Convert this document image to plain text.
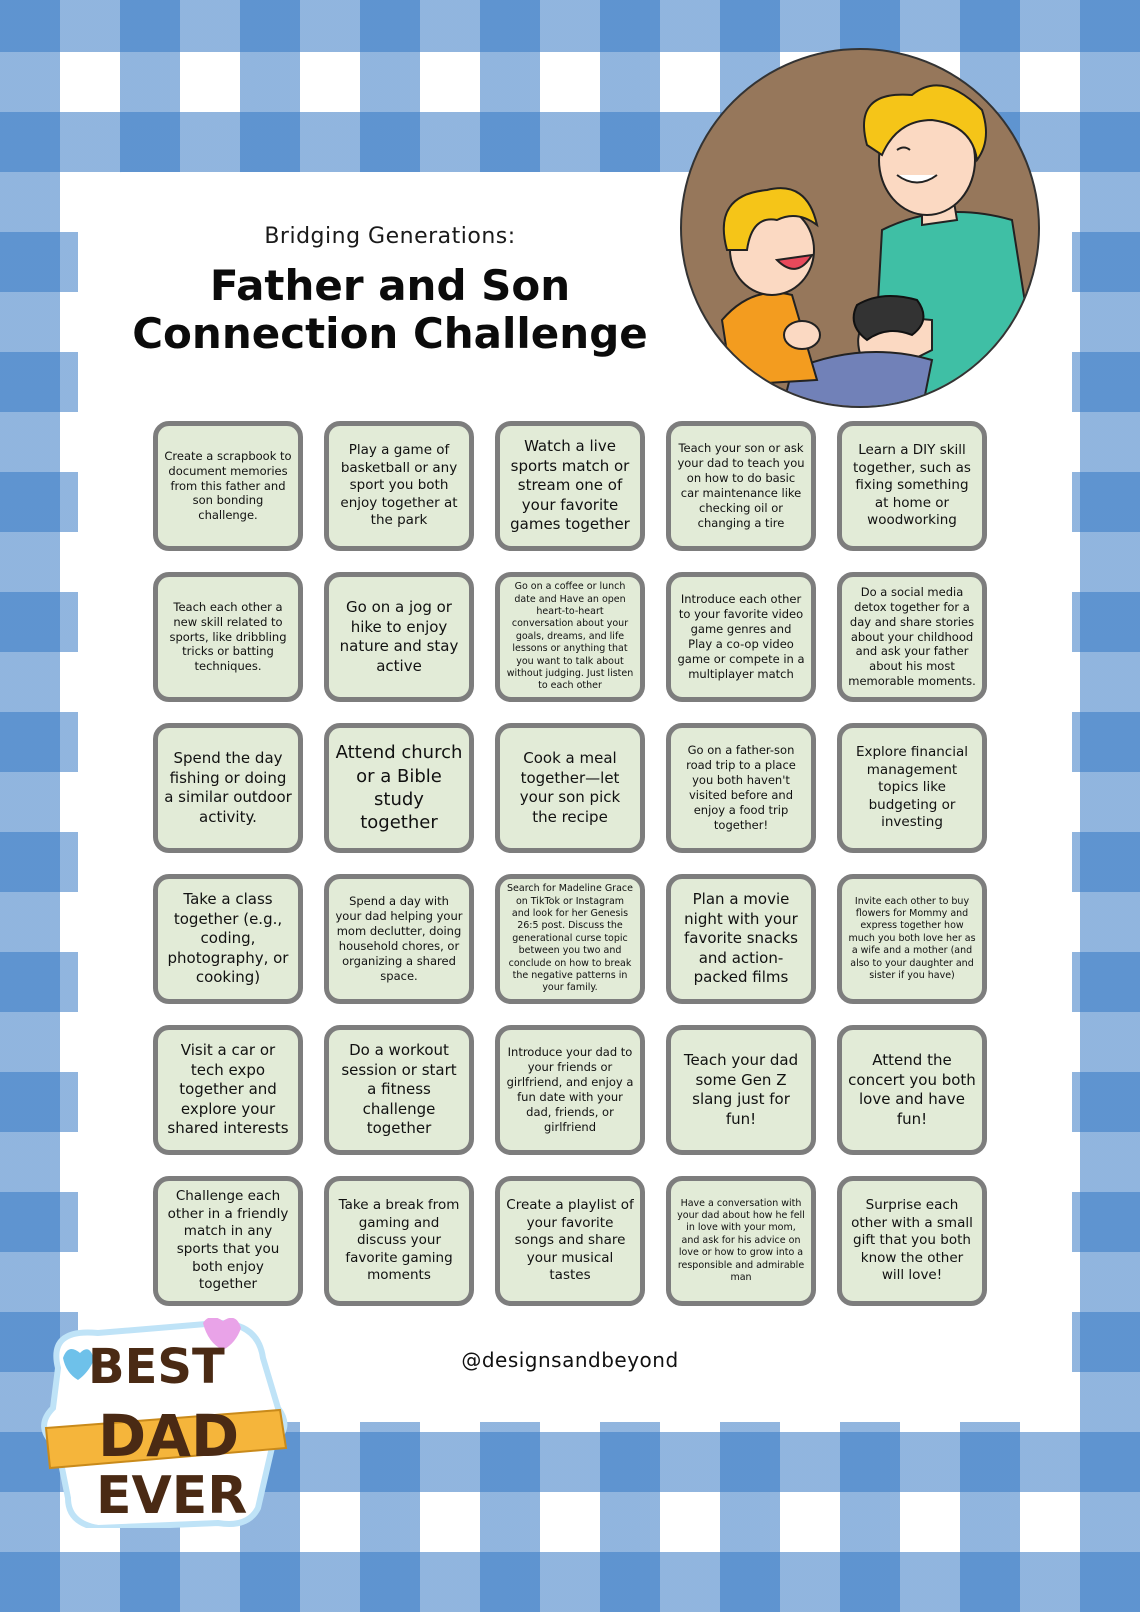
Bridging Generations:
Father and Son
Connection Challenge
Create a scrapbook to document memories from this father and son bonding challenge.
Play a game of basketball or any sport you both enjoy together at the park
Watch a live sports match or stream one of your favorite games together
Teach your son or ask your dad to teach you on how to do basic car maintenance like checking oil or changing a tire
Learn a DIY skill together, such as fixing something at home or woodworking
Teach each other a new skill related to sports, like dribbling tricks or batting techniques.
Go on a jog or hike to enjoy nature and stay active
Go on a coffee or lunch date and Have an open heart-to-heart conversation about your goals, dreams, and life lessons or anything that you want to talk about without judging. Just listen to each other
Introduce each other to your favorite video game genres and Play a co-op video game or compete in a multiplayer match
Do a social media detox together for a day and share stories about your childhood and ask your father about his most memorable moments.
Spend the day fishing or doing a similar outdoor activity.
Attend church or a Bible study together
Cook a meal together—let your son pick the recipe
Go on a father-son road trip to a place you both haven't visited before and enjoy a food trip together!
Explore financial management topics like budgeting or investing
Take a class together (e.g., coding, photography, or cooking)
Spend a day with your dad helping your mom declutter, doing household chores, or organizing a shared space.
Search for Madeline Grace on TikTok or Instagram and look for her Genesis 26:5 post. Discuss the generational curse topic between you two and conclude on how to break the negative patterns in your family.
Plan a movie night with your favorite snacks and action-packed films
Invite each other to buy flowers for Mommy and express together how much you both love her as a wife and a mother (and also to your daughter and sister if you have)
Visit a car or tech expo together and explore your shared interests
Do a workout session or start a fitness challenge together
Introduce your dad to your friends or girlfriend, and enjoy a fun date with your dad, friends, or girlfriend
Teach your dad some Gen Z slang just for fun!
Attend the concert you both love and have fun!
Challenge each other in a friendly match in any sports that you both enjoy together
Take a break from gaming and discuss your favorite gaming moments
Create a playlist of your favorite songs and share your musical tastes
Have a conversation with your dad about how he fell in love with your mom, and ask for his advice on love or how to grow into a responsible and admirable man
Surprise each other with a small gift that you both know the other will love!
@designsandbeyond
BEST
DAD
EVER
